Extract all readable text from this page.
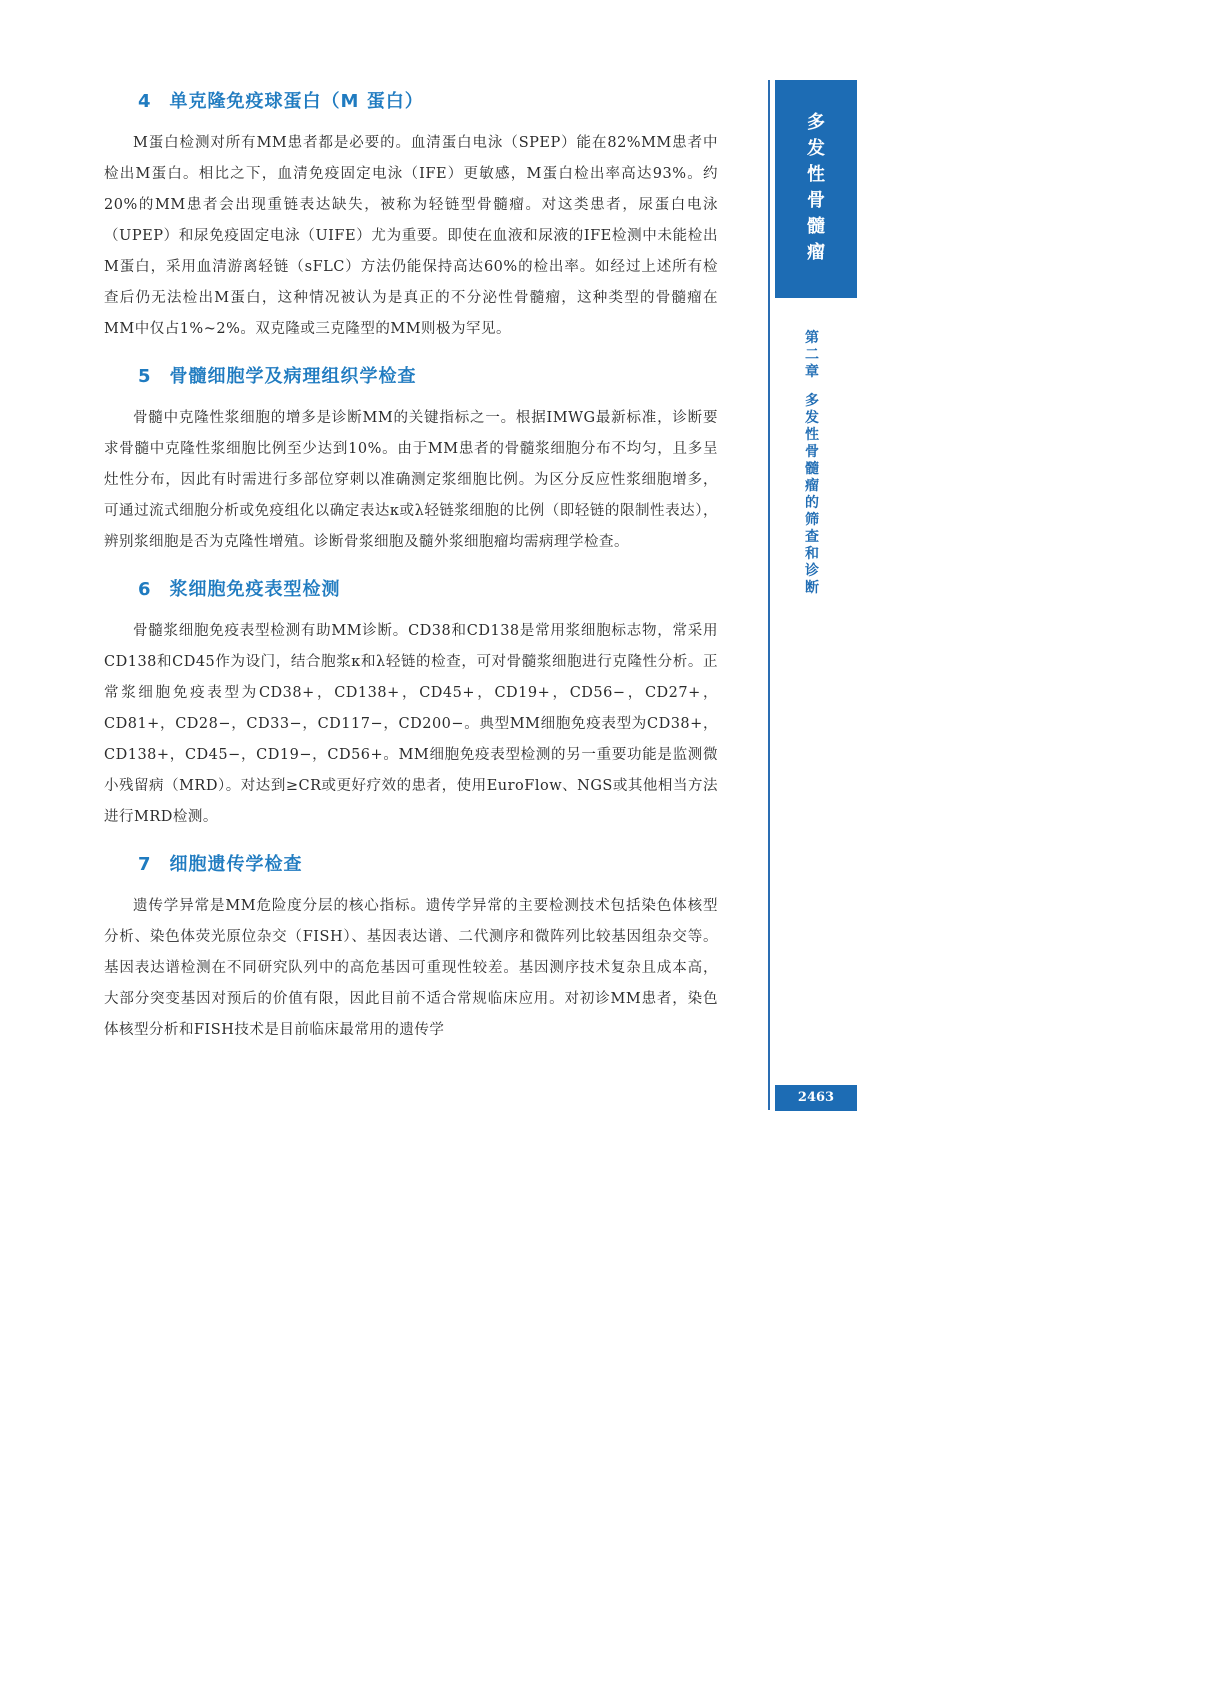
4 单克隆免疫球蛋白（M 蛋白）

M蛋白检测对所有MM患者都是必要的。血清蛋白电泳（SPEP）能在82%MM患者中检出M蛋白。相比之下，血清免疫固定电泳（IFE）更敏感，M蛋白检出率高达93%。约20%的MM患者会出现重链表达缺失，被称为轻链型骨髓瘤。对这类患者，尿蛋白电泳（UPEP）和尿免疫固定电泳（UIFE）尤为重要。即使在血液和尿液的IFE检测中未能检出M蛋白，采用血清游离轻链（sFLC）方法仍能保持高达60%的检出率。如经过上述所有检查后仍无法检出M蛋白，这种情况被认为是真正的不分泌性骨髓瘤，这种类型的骨髓瘤在MM中仅占1%~2%。双克隆或三克隆型的MM则极为罕见。

5 骨髓细胞学及病理组织学检查

骨髓中克隆性浆细胞的增多是诊断MM的关键指标之一。根据IMWG最新标准，诊断要求骨髓中克隆性浆细胞比例至少达到10%。由于MM患者的骨髓浆细胞分布不均匀，且多呈灶性分布，因此有时需进行多部位穿刺以准确测定浆细胞比例。为区分反应性浆细胞增多，可通过流式细胞分析或免疫组化以确定表达κ或λ轻链浆细胞的比例（即轻链的限制性表达），辨别浆细胞是否为克隆性增殖。诊断骨浆细胞及髓外浆细胞瘤均需病理学检查。

6 浆细胞免疫表型检测

骨髓浆细胞免疫表型检测有助MM诊断。CD38和CD138是常用浆细胞标志物，常采用CD138和CD45作为设门，结合胞浆κ和λ轻链的检查，可对骨髓浆细胞进行克隆性分析。正常浆细胞免疫表型为CD38+，CD138+，CD45+，CD19+，CD56−，CD27+，CD81+，CD28−，CD33−，CD117−，CD200−。典型MM细胞免疫表型为CD38+，CD138+，CD45−，CD19−，CD56+。MM细胞免疫表型检测的另一重要功能是监测微小残留病（MRD）。对达到≥CR或更好疗效的患者，使用EuroFlow、NGS或其他相当方法进行MRD检测。

7 细胞遗传学检查

遗传学异常是MM危险度分层的核心指标。遗传学异常的主要检测技术包括染色体核型分析、染色体荧光原位杂交（FISH）、基因表达谱、二代测序和微阵列比较基因组杂交等。基因表达谱检测在不同研究队列中的高危基因可重现性较差。基因测序技术复杂且成本高，大部分突变基因对预后的价值有限，因此目前不适合常规临床应用。对初诊MM患者，染色体核型分析和FISH技术是目前临床最常用的遗传学

多
发
性
骨
髓
瘤
第
二
章
多
发
性
骨
髓
瘤
的
筛
查
和
诊
断
2463
